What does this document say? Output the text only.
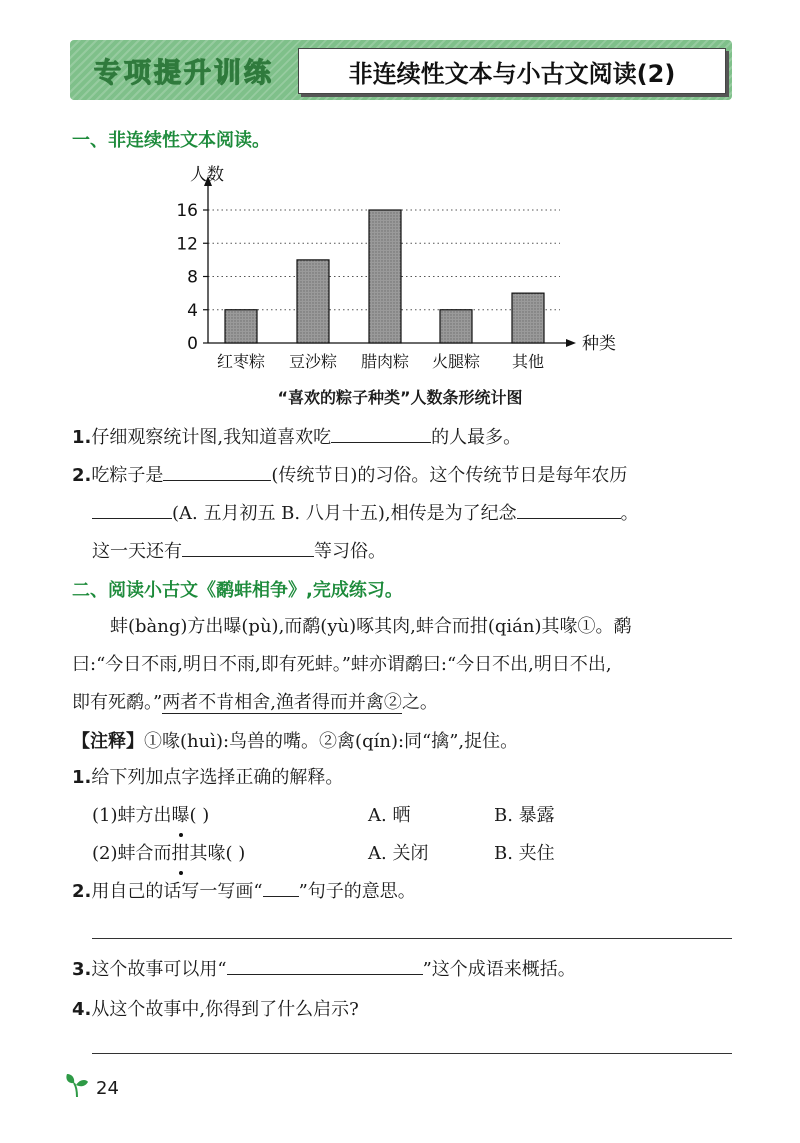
专项提升训练	非连续性文本与小古文阅读(2)
一、非连续性文本阅读。
0
4
8
12
16
人数
种类
红枣粽 豆沙粽 腊肉粽 火腿粽 其他
“喜欢的粽子种类”人数条形统计图
1.仔细观察统计图,我知道喜欢吃	的人最多。
2.吃粽子是	(传统节日)的习俗。这个传统节日是每年农历
(A. 五月初五 B. 八月十五),相传是为了纪念	。
这一天还有	等习俗。
二、阅读小古文《鹬蚌相争》,完成练习。
蚌(bàng)方出曝(pù),而鹬(yù)啄其肉,蚌合而拑(qián)其喙①。鹬
曰:“今日不雨,明日不雨,即有死蚌。”蚌亦谓鹬曰:“今日不出,明日不出,
即有死鹬。”两者不肯相舍,渔者得而并禽②之。
【注释】①喙(huì):鸟兽的嘴。②禽(qín):同“擒”,捉住。
1.给下列加点字选择正确的解释。
(1)蚌方出曝( )	A. 晒	B. 暴露
(2)蚌合而拑其喙( )	A. 关闭	B. 夹住
2.用自己的话写一写画“ ”句子的意思。
3.这个故事可以用“	”这个成语来概括。
4.从这个故事中,你得到了什么启示?
24
